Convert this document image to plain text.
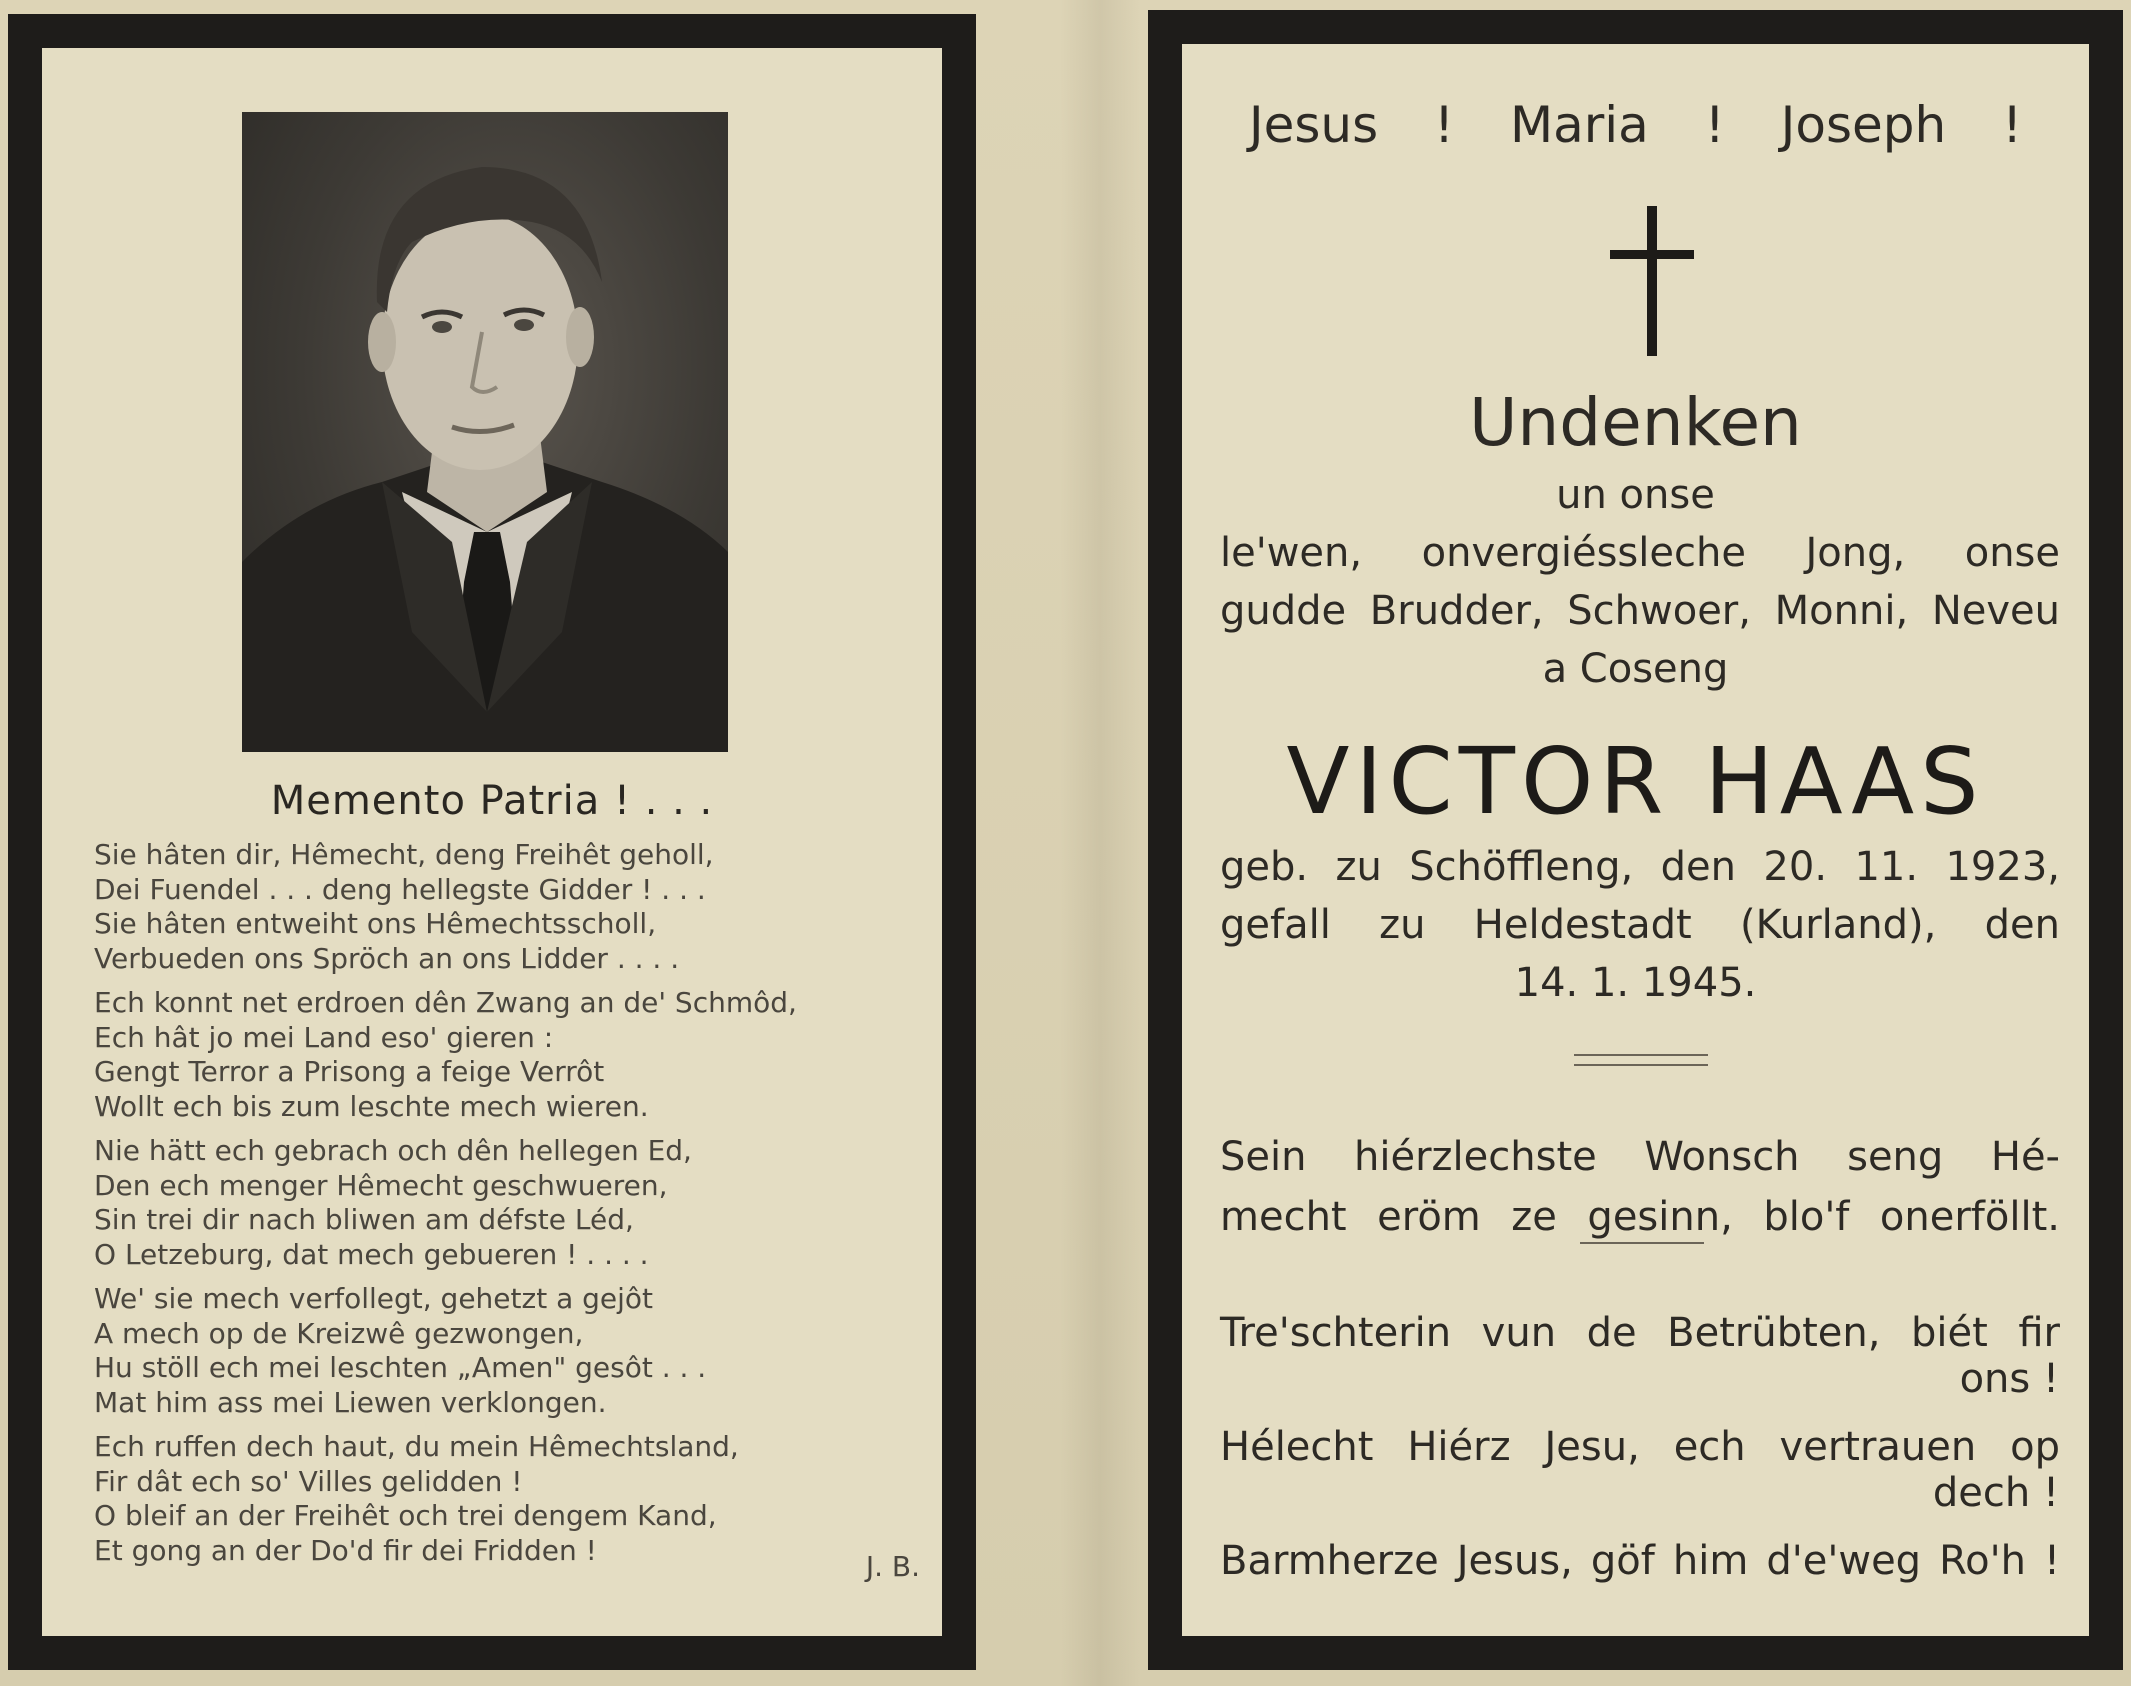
Memento Patria ! . . .
Sie hâten dir, Hêmecht, deng Freihêt geholl,
Dei Fuendel . . . deng hellegste Gidder ! . . .
Sie hâten entweiht ons Hêmechtsscholl,
Verbueden ons Spröch an ons Lidder . . . .
Ech konnt net erdroen dên Zwang an de' Schmôd,
Ech hât jo mei Land eso' gieren :
Gengt Terror a Prisong a feige Verrôt
Wollt ech bis zum leschte mech wieren.
Nie hätt ech gebrach och dên hellegen Ed,
Den ech menger Hêmecht geschwueren,
Sin trei dir nach bliwen am défste Léd,
O Letzeburg, dat mech gebueren ! . . . .
We' sie mech verfollegt, gehetzt a gejôt
A mech op de Kreizwê gezwongen,
Hu stöll ech mei leschten „Amen" gesôt . . .
Mat him ass mei Liewen verklongen.
Ech ruffen dech haut, du mein Hêmechtsland,
Fir dât ech so' Villes gelidden !
O bleif an der Freihêt och trei dengem Kand,
Et gong an der Do'd fir dei Fridden !	J. B.
Jesus ! Maria ! Joseph !
Undenken
un onse
le'wen, onvergiéssleche Jong, onse
gudde Brudder, Schwoer, Monni, Neveu
a Coseng
VICTOR HAAS
geb. zu Schöffleng, den 20. 11. 1923,
gefall zu Heldestadt (Kurland), den
14. 1. 1945.
Sein hiérzlechste Wonsch seng Hé-
mecht eröm ze gesinn, blo'f onerföllt.
Tre'schterin vun de Betrübten, biét fir
ons !
Hélecht Hiérz Jesu, ech vertrauen op
dech !
Barmherze Jesus, göf him d'e'weg Ro'h !
